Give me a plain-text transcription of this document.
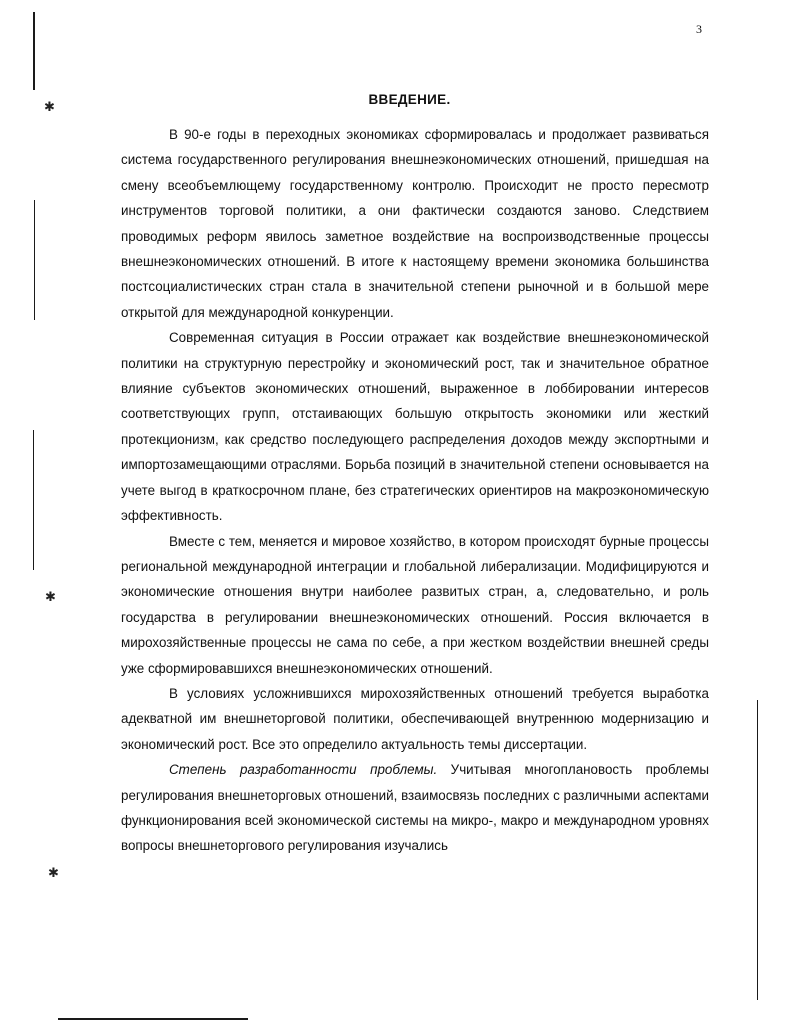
✱
✱
✱
3
ВВЕДЕНИЕ.

В 90-е годы в переходных экономиках сформировалась и продолжает развиваться система государственного регулирования внешнеэкономических отношений, пришедшая на смену всеобъемлющему государственному контролю. Происходит не просто пересмотр инструментов торговой политики, а они фактически создаются заново. Следствием проводимых реформ явилось заметное воздействие на воспроизводственные процессы внешнеэкономических отношений. В итоге к настоящему времени экономика большинства постсоциалистических стран стала в значительной степени рыночной и в большой мере открытой для международной конкуренции.

Современная ситуация в России отражает как воздействие внешнеэкономической политики на структурную перестройку и экономический рост, так и значительное обратное влияние субъектов экономических отношений, выраженное в лоббировании интересов соответствующих групп, отстаивающих большую открытость экономики или жесткий протекционизм, как средство последующего распределения доходов между экспортными и импортозамещающими отраслями. Борьба позиций в значительной степени основывается на учете выгод в краткосрочном плане, без стратегических ориентиров на макроэкономическую эффективность.

Вместе с тем, меняется и мировое хозяйство, в котором происходят бурные процессы региональной международной интеграции и глобальной либерализации. Модифицируются и экономические отношения внутри наиболее развитых стран, а, следовательно, и роль государства в регулировании внешнеэкономических отношений. Россия включается в мирохозяйственные процессы не сама по себе, а при жестком воздействии внешней среды уже сформировавшихся внешнеэкономических отношений.

В условиях усложнившихся мирохозяйственных отношений требуется выработка адекватной им внешнеторговой политики, обеспечивающей внутреннюю модернизацию и экономический рост. Все это определило актуальность темы диссертации.

Степень разработанности проблемы. Учитывая многоплановость проблемы регулирования внешнеторговых отношений, взаимосвязь последних с различными аспектами функционирования всей экономической системы на микро-, макро и международном уровнях вопросы внешнеторгового регулирования изучались
